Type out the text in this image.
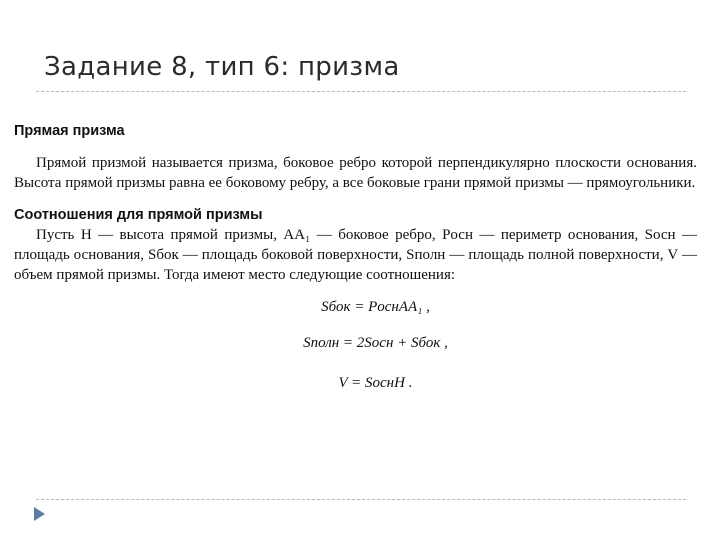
Задание 8, тип 6: призма
Прямая призма
Прямой призмой называется призма, боковое ребро которой перпендикулярно плоскости основания. Высота прямой призмы равна ее боковому ребру, а все боковые грани прямой призмы — прямоугольники.
Соотношения для прямой призмы
Пусть H — высота прямой призмы, AA₁ — боковое ребро, Pосн — периметр основания, Sосн — площадь основания, Sбок — площадь боковой поверхности, Sполн — площадь полной поверхности, V — объем прямой призмы. Тогда имеют место следующие соотношения:
Sбок = PоснAA₁ ,
Sполн = 2Sосн + Sбок ,
V = SоснH .
